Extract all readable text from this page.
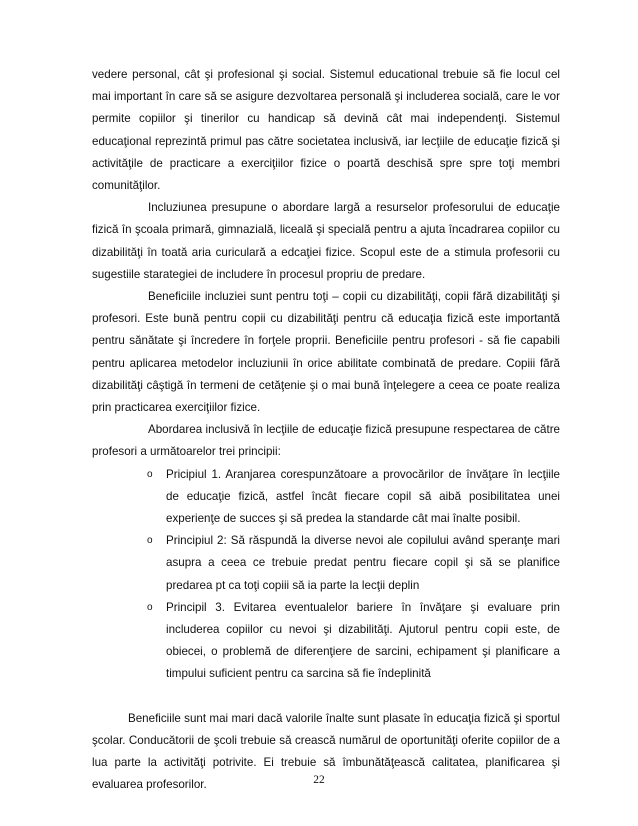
vedere personal, cât şi profesional şi social. Sistemul educational trebuie să fie locul cel mai important în care să se asigure dezvoltarea personală şi includerea socială, care le vor permite copiilor şi tinerilor cu handicap să devină cât mai independenţi. Sistemul educaţional reprezintă primul pas către societatea inclusivă, iar lecţiile de educaţie fizică şi activităţile de practicare a exerciţiilor fizice o poartă deschisă spre spre toţi membri comunităţilor.

Incluziunea presupune o abordare largă a resurselor profesorului de educaţie fizică în şcoala primară, gimnazială, liceală şi specială pentru a ajuta încadrarea copiilor cu dizabilităţi în toată aria curiculară a edcaţiei fizice. Scopul este de a stimula profesorii cu sugestiile starategiei de includere în procesul propriu de predare.

Beneficiile incluziei sunt pentru toţi – copii cu dizabilităţi, copii fără dizabilităţi şi profesori. Este bună pentru copii cu dizabilităţi pentru că educaţia fizică este importantă pentru sănătate şi încredere în forţele proprii. Beneficiile pentru profesori - să fie capabili pentru aplicarea metodelor incluziunii în orice abilitate combinată de predare. Copiii fără dizabilităţi câştigă în termeni de cetăţenie şi o mai bună înţelegere a ceea ce poate realiza prin practicarea exerciţiilor fizice.

Abordarea inclusivă în lecţiile de educaţie fizică presupune respectarea de către profesori a următoarelor trei principii:

o Pricipiul 1. Aranjarea corespunzătoare a provocărilor de învăţare în lecţiile de educaţie fizică, astfel încât fiecare copil să aibă posibilitatea unei experienţe de succes şi să predea la standarde cât mai înalte posibil.
o Principiul 2: Să răspundă la diverse nevoi ale copilului având speranţe mari asupra a ceea ce trebuie predat pentru fiecare copil şi să se planifice predarea pt ca toţi copiii să ia parte la lecţii deplin
o Principil 3. Evitarea eventualelor bariere în învăţare şi evaluare prin includerea copiilor cu nevoi şi dizabilităţi. Ajutorul pentru copii este, de obiecei, o problemă de diferenţiere de sarcini, echipament şi planificare a timpului suficient pentru ca sarcina să fie îndeplinită

Beneficiile sunt mai mari dacă valorile înalte sunt plasate în educaţia fizică şi sportul şcolar. Conducătorii de şcoli trebuie să crească numărul de oportunităţi oferite copiilor de a lua parte la activităţi potrivite. Ei trebuie să îmbunătăţească calitatea, planificarea şi evaluarea profesorilor.	22
